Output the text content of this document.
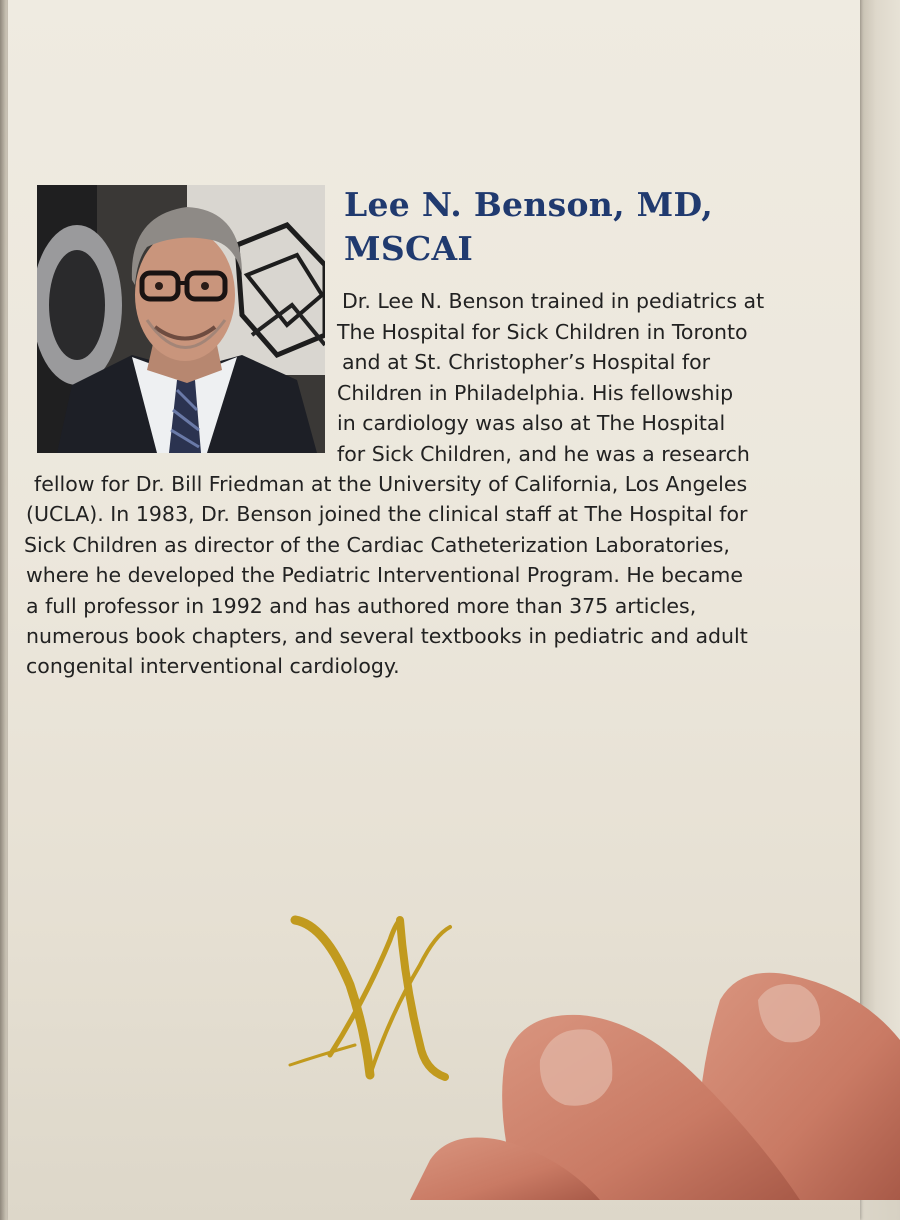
Lee N. Benson, MD,
MSCAI
Dr. Lee N. Benson trained in pediatrics at
The Hospital for Sick Children in Toronto
and at St. Christopher’s Hospital for
Children in Philadelphia. His fellowship
in cardiology was also at The Hospital
for Sick Children, and he was a research
fellow for Dr. Bill Friedman at the University of California, Los Angeles
(UCLA). In 1983, Dr. Benson joined the clinical staff at The Hospital for
Sick Children as director of the Cardiac Catheterization Laboratories,
where he developed the Pediatric Interventional Program. He became
a full professor in 1992 and has authored more than 375 articles,
numerous book chapters, and several textbooks in pediatric and adult
congenital interventional cardiology.
